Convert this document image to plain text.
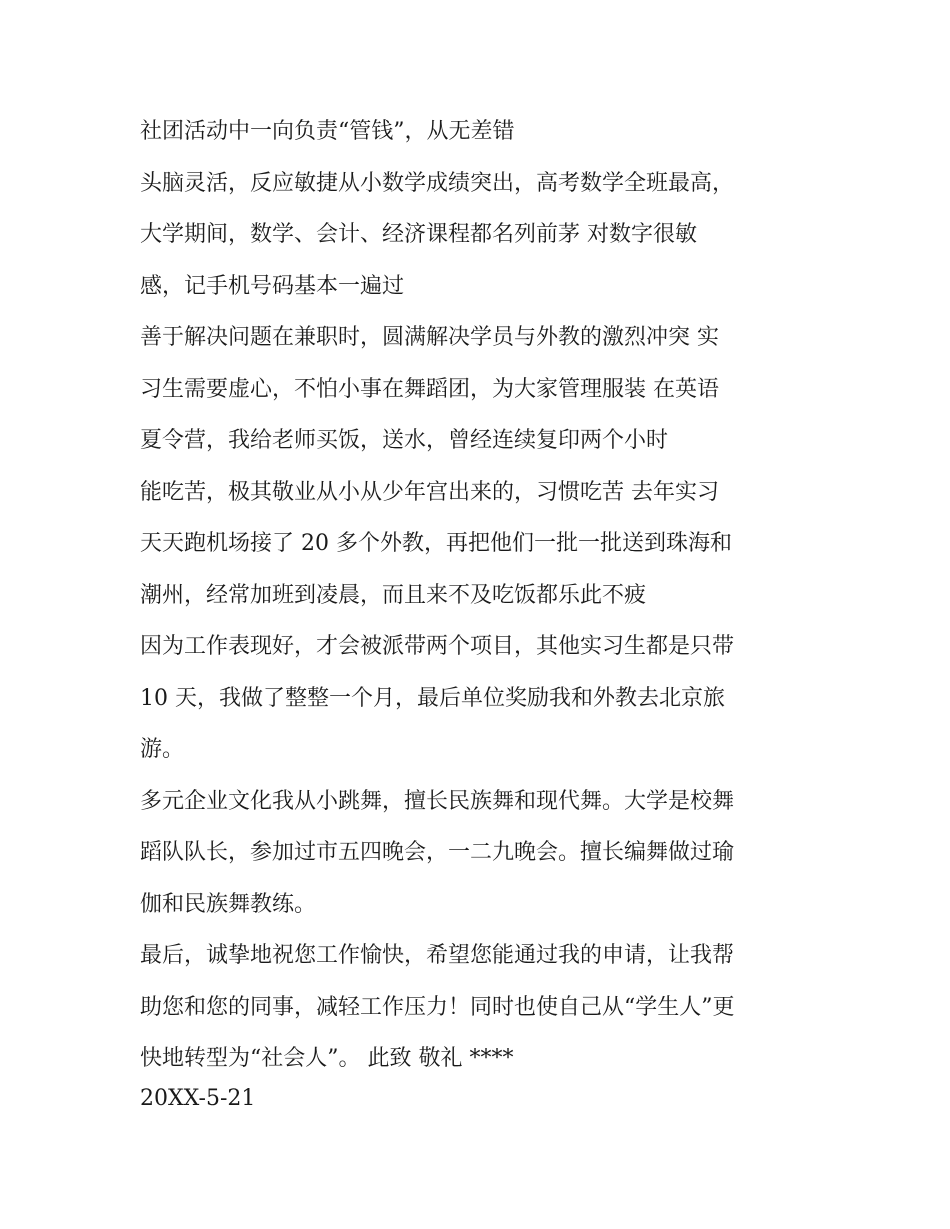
社团活动中一向负责“管钱”，从无差错
头脑灵活，反应敏捷从小数学成绩突出，高考数学全班最高，
大学期间，数学、会计、经济课程都名列前茅 对数字很敏
感，记手机号码基本一遍过
善于解决问题在兼职时，圆满解决学员与外教的激烈冲突 实
习生需要虚心，不怕小事在舞蹈团，为大家管理服装 在英语
夏令营，我给老师买饭，送水，曾经连续复印两个小时
能吃苦，极其敬业从小从少年宫出来的，习惯吃苦 去年实习
天天跑机场接了 20 多个外教，再把他们一批一批送到珠海和
潮州，经常加班到凌晨，而且来不及吃饭都乐此不疲
因为工作表现好，才会被派带两个项目，其他实习生都是只带
10 天，我做了整整一个月，最后单位奖励我和外教去北京旅
游。
多元企业文化我从小跳舞，擅长民族舞和现代舞。大学是校舞
蹈队队长，参加过市五四晚会，一二九晚会。擅长编舞做过瑜
伽和民族舞教练。
最后，诚挚地祝您工作愉快，希望您能通过我的申请，让我帮
助您和您的同事，减轻工作压力！同时也使自己从“学生人”更
快地转型为“社会人”。 此致 敬礼 ****
20XX-5-21
